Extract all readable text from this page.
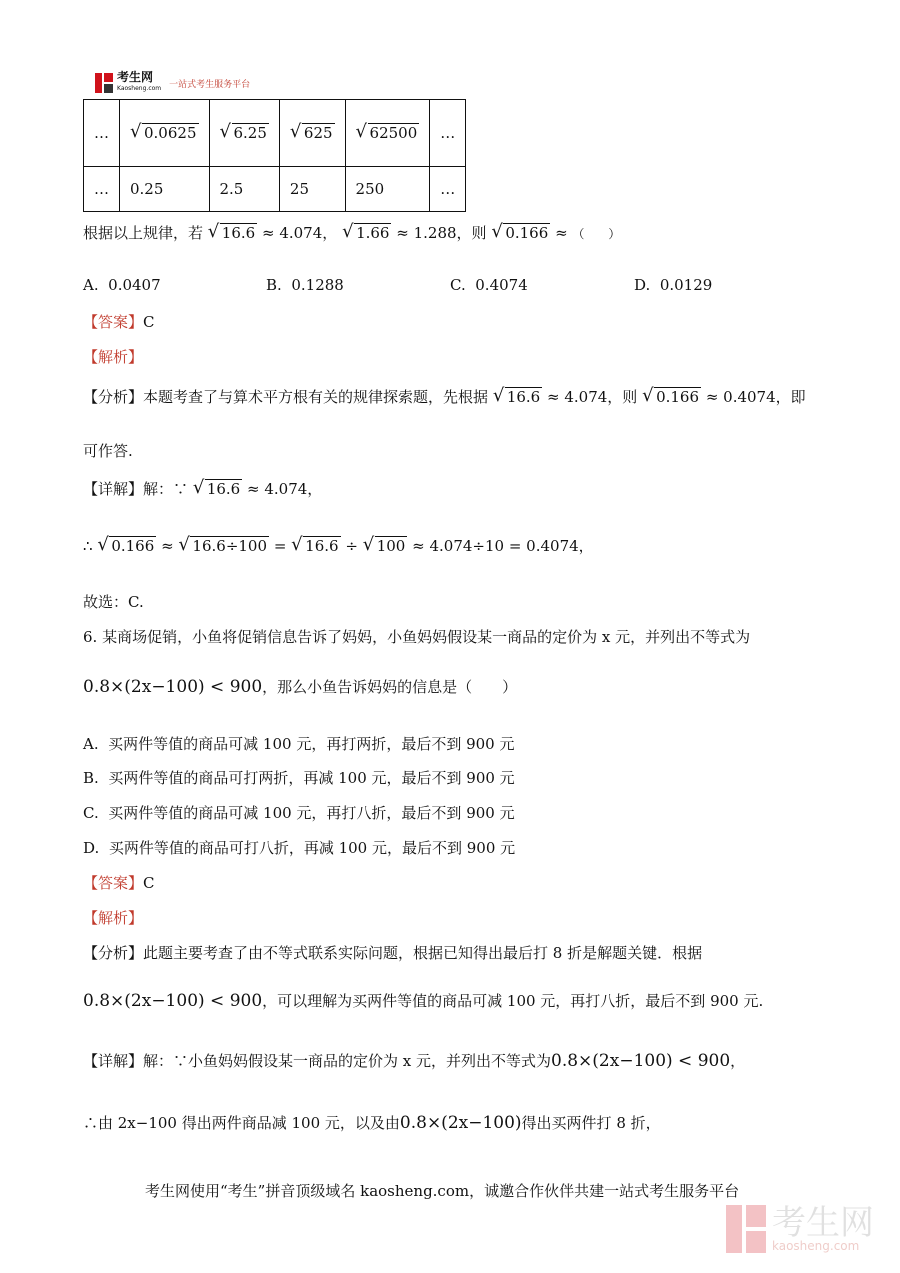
考生网
Kaosheng.com 一站式考生服务平台
…	√ 0.0625	√ 6.25	√ 625	√ 62500	…
…	0.25	2.5	25	250	…
根据以上规律，若 √ 16.6 ≈ 4.074， √ 1.66 ≈ 1.288，则 √ 0.166 ≈ （　　）
A. 0.0407	B. 0.1288	C. 0.4074	D. 0.0129
【答案】C
【解析】
【分析】本题考查了与算术平方根有关的规律探索题，先根据 √ 16.6 ≈ 4.074，则 √ 0.166 ≈ 0.4074，即
可作答.
【详解】解：∵ √ 16.6 ≈ 4.074，
∴ √ 0.166 ≈ √ 16.6÷100 = √ 16.6 ÷ √ 100 ≈ 4.074÷10 = 0.4074，
故选：C.
6. 某商场促销，小鱼将促销信息告诉了妈妈，小鱼妈妈假设某一商品的定价为 x 元，并列出不等式为
0.8×(2x−100) < 900，那么小鱼告诉妈妈的信息是（　　）
A. 买两件等值的商品可减 100 元，再打两折，最后不到 900 元
B. 买两件等值的商品可打两折，再减 100 元，最后不到 900 元
C. 买两件等值的商品可减 100 元，再打八折，最后不到 900 元
D. 买两件等值的商品可打八折，再减 100 元，最后不到 900 元
【答案】C
【解析】
【分析】此题主要考查了由不等式联系实际问题，根据已知得出最后打 8 折是解题关键．根据
0.8×(2x−100) < 900，可以理解为买两件等值的商品可减 100 元，再打八折，最后不到 900 元.
【详解】解：∵小鱼妈妈假设某一商品的定价为 x 元，并列出不等式为0.8×(2x−100) < 900，
∴由 2x−100 得出两件商品减 100 元，以及由0.8×(2x−100)得出买两件打 8 折，
考生网使用“考生”拼音顶级域名 kaosheng.com，诚邀合作伙伴共建一站式考生服务平台
考生网
kaosheng.com
